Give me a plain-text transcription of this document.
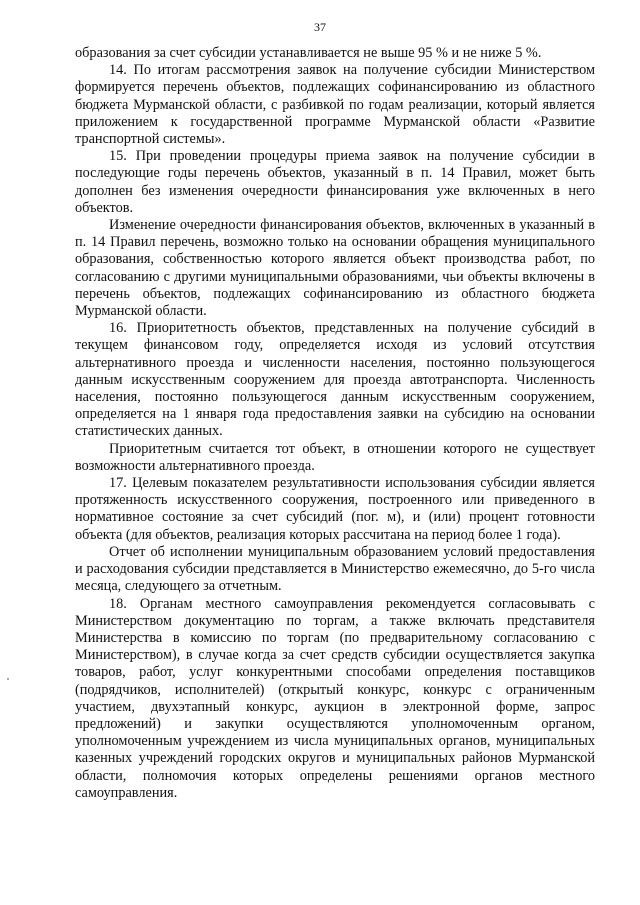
37

образования за счет субсидии устанавливается не выше 95 % и не ниже 5 %.

14. По итогам рассмотрения заявок на получение субсидии Министерством формируется перечень объектов, подлежащих софинансированию из областного бюджета Мурманской области, с разбивкой по годам реализации, который является приложением к государственной программе Мурманской области «Развитие транспортной системы».

15. При проведении процедуры приема заявок на получение субсидии в последующие годы перечень объектов, указанный в п. 14 Правил, может быть дополнен без изменения очередности финансирования уже включенных в него объектов.

Изменение очередности финансирования объектов, включенных в указанный в п. 14 Правил перечень, возможно только на основании обращения муниципального образования, собственностью которого является объект производства работ, по согласованию с другими муниципальными образованиями, чьи объекты включены в перечень объектов, подлежащих софинансированию из областного бюджета Мурманской области.

16. Приоритетность объектов, представленных на получение субсидий в текущем финансовом году, определяется исходя из условий отсутствия альтернативного проезда и численности населения, постоянно пользующегося данным искусственным сооружением для проезда автотранспорта. Численность населения, постоянно пользующегося данным искусственным сооружением, определяется на 1 января года предоставления заявки на субсидию на основании статистических данных.

Приоритетным считается тот объект, в отношении которого не существует возможности альтернативного проезда.

17. Целевым показателем результативности использования субсидии является протяженность искусственного сооружения, построенного или приведенного в нормативное состояние за счет субсидий (пог. м), и (или) процент готовности объекта (для объектов, реализация которых рассчитана на период более 1 года).

Отчет об исполнении муниципальным образованием условий предоставления и расходования субсидии представляется в Министерство ежемесячно, до 5-го числа месяца, следующего за отчетным.

18. Органам местного самоуправления рекомендуется согласовывать с Министерством документацию по торгам, а также включать представителя Министерства в комиссию по торгам (по предварительному согласованию с Министерством), в случае когда за счет средств субсидии осуществляется закупка товаров, работ, услуг конкурентными способами определения поставщиков (подрядчиков, исполнителей) (открытый конкурс, конкурс с ограниченным участием, двухэтапный конкурс, аукцион в электронной форме, запрос предложений) и закупки осуществляются уполномоченным органом, уполномоченным учреждением из числа муниципальных органов, муниципальных казенных учреждений городских округов и муниципальных районов Мурманской области, полномочия которых определены решениями органов местного самоуправления.
